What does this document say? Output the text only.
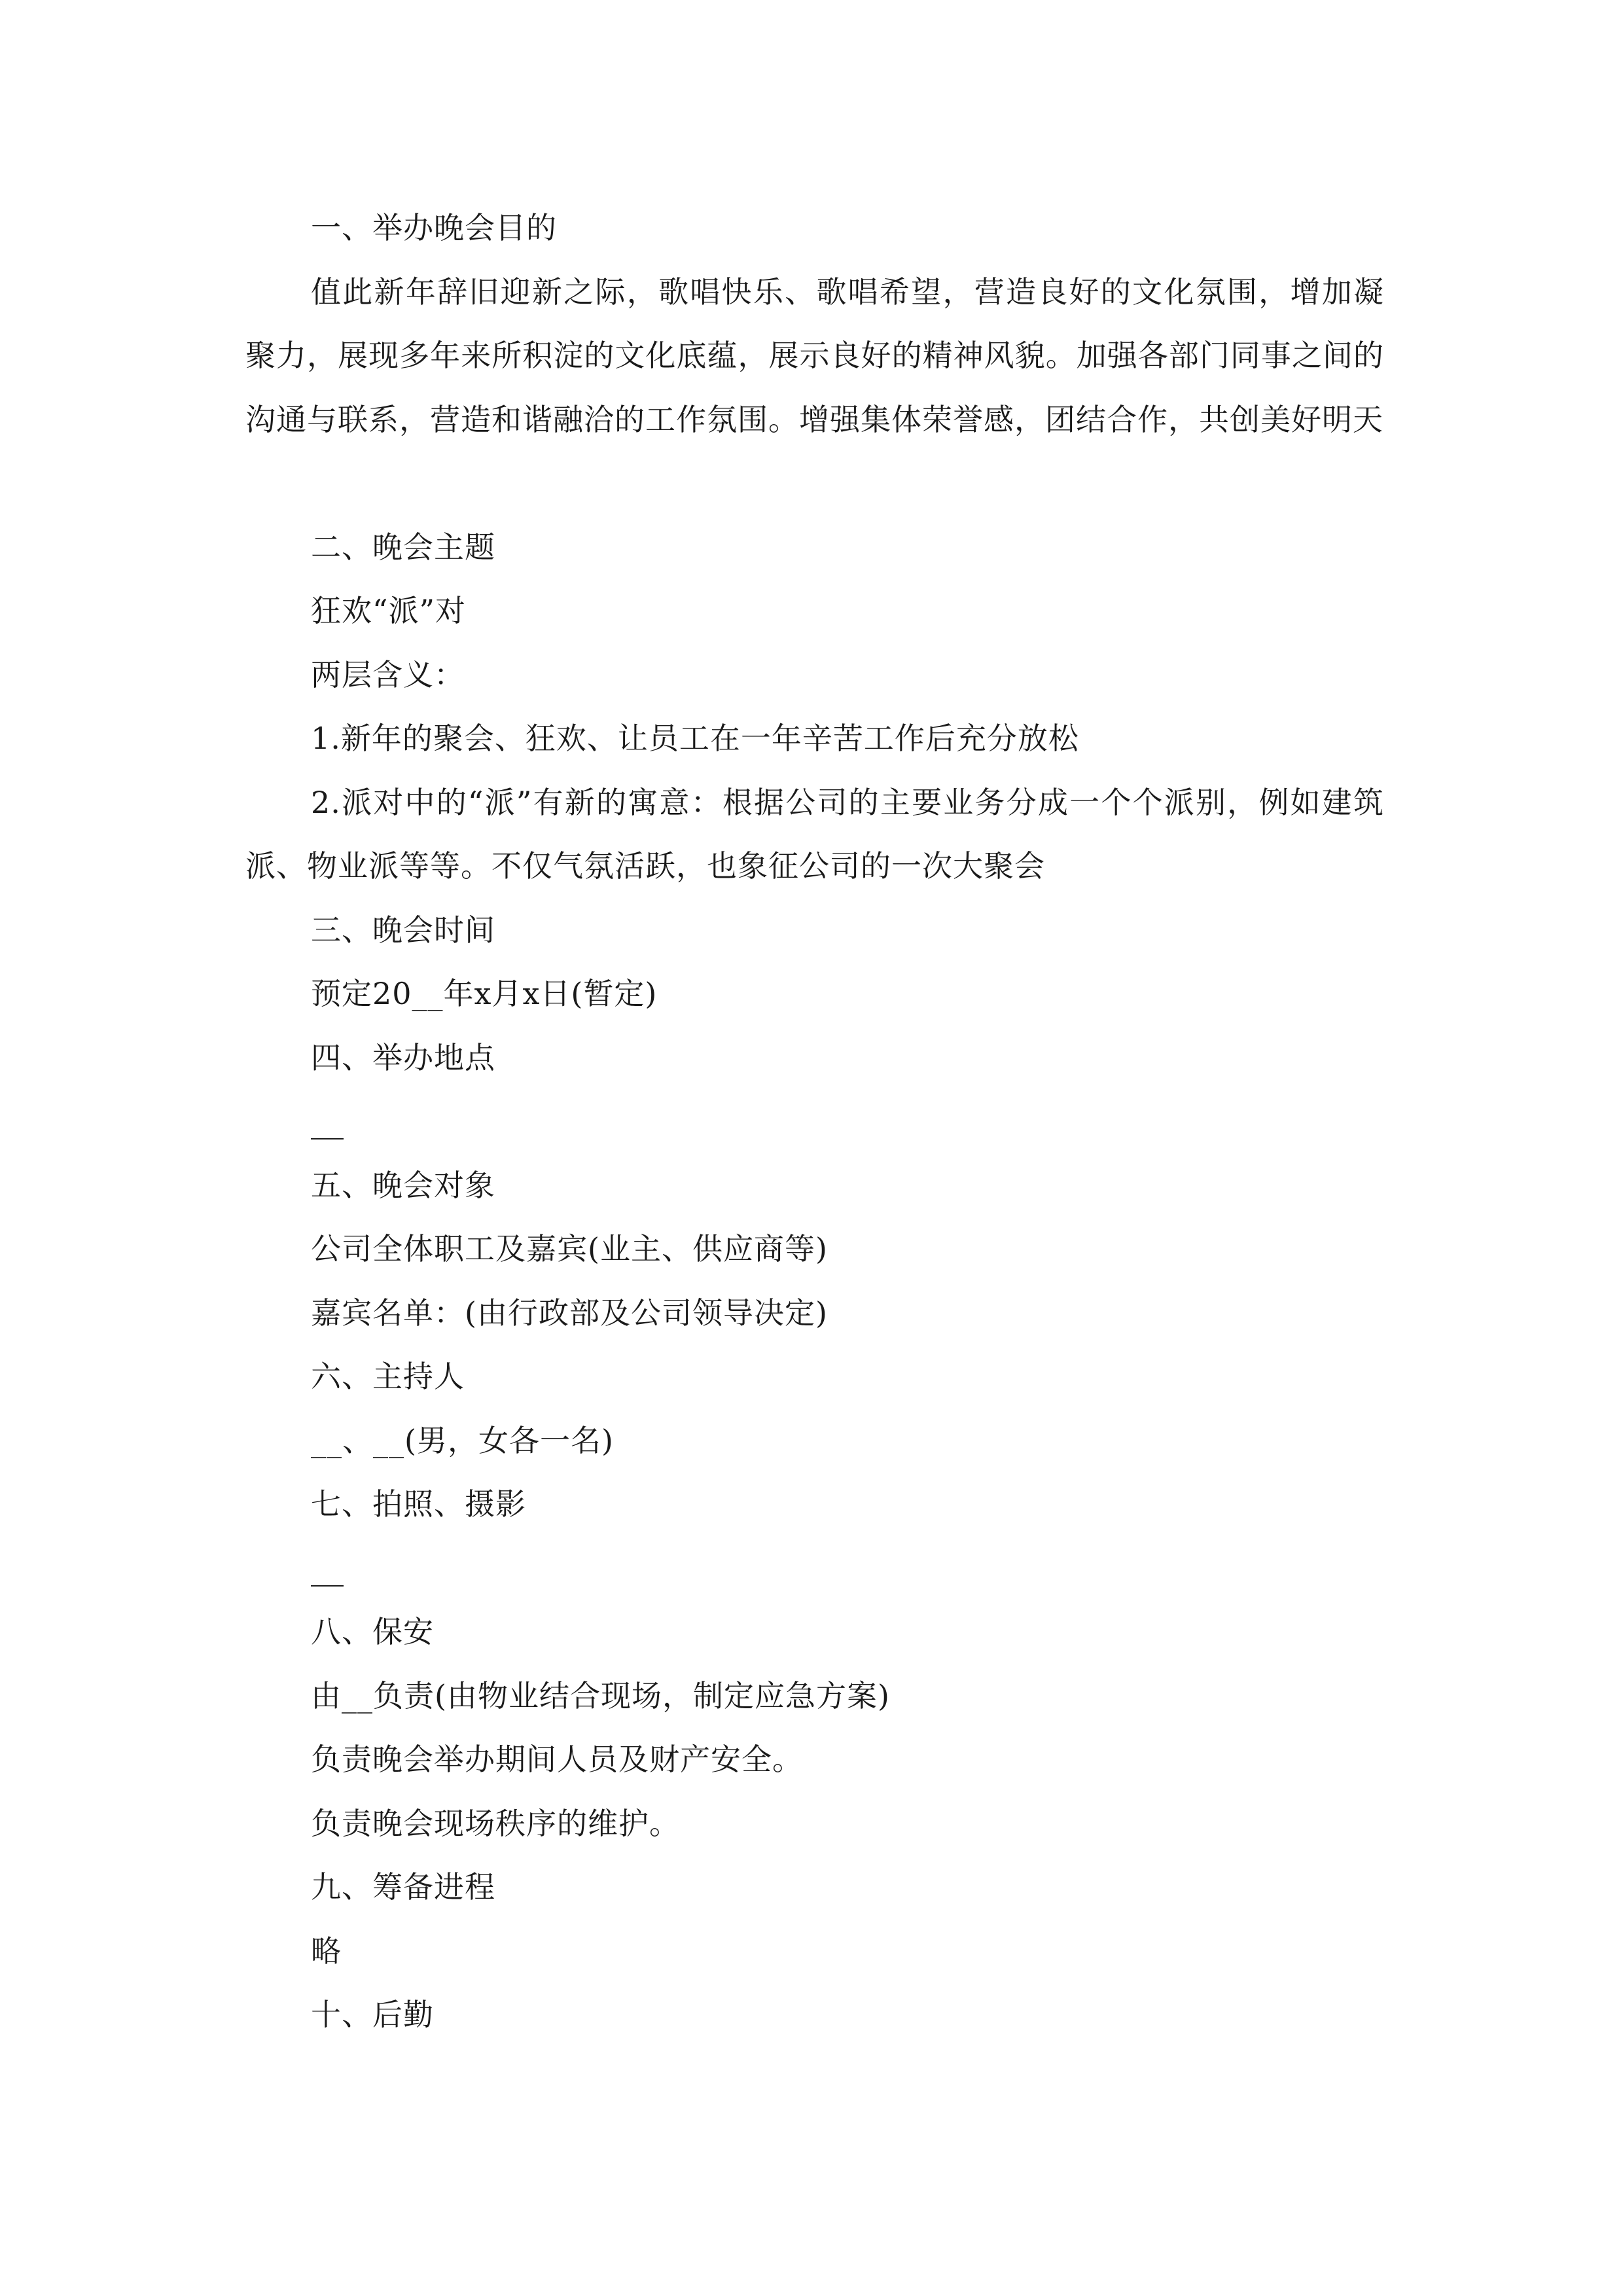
一、举办晚会目的

值此新年辞旧迎新之际，歌唱快乐、歌唱希望，营造良好的文化氛围，增加凝聚力，展现多年来所积淀的文化底蕴，展示良好的精神风貌。加强各部门同事之间的沟通与联系，营造和谐融洽的工作氛围。增强集体荣誉感，团结合作，共创美好明天

二、晚会主题

狂欢“派”对

两层含义：

1.新年的聚会、狂欢、让员工在一年辛苦工作后充分放松

2.派对中的“派”有新的寓意：根据公司的主要业务分成一个个派别，例如建筑派、物业派等等。不仅气氛活跃，也象征公司的一次大聚会

三、晚会时间

预定20__年x月x日(暂定)

四、举办地点

五、晚会对象

公司全体职工及嘉宾(业主、供应商等)

嘉宾名单：(由行政部及公司领导决定)

六、主持人

__、__(男，女各一名)

七、拍照、摄影

八、保安

由__负责(由物业结合现场，制定应急方案)

负责晚会举办期间人员及财产安全。

负责晚会现场秩序的维护。

九、筹备进程

略

十、后勤
